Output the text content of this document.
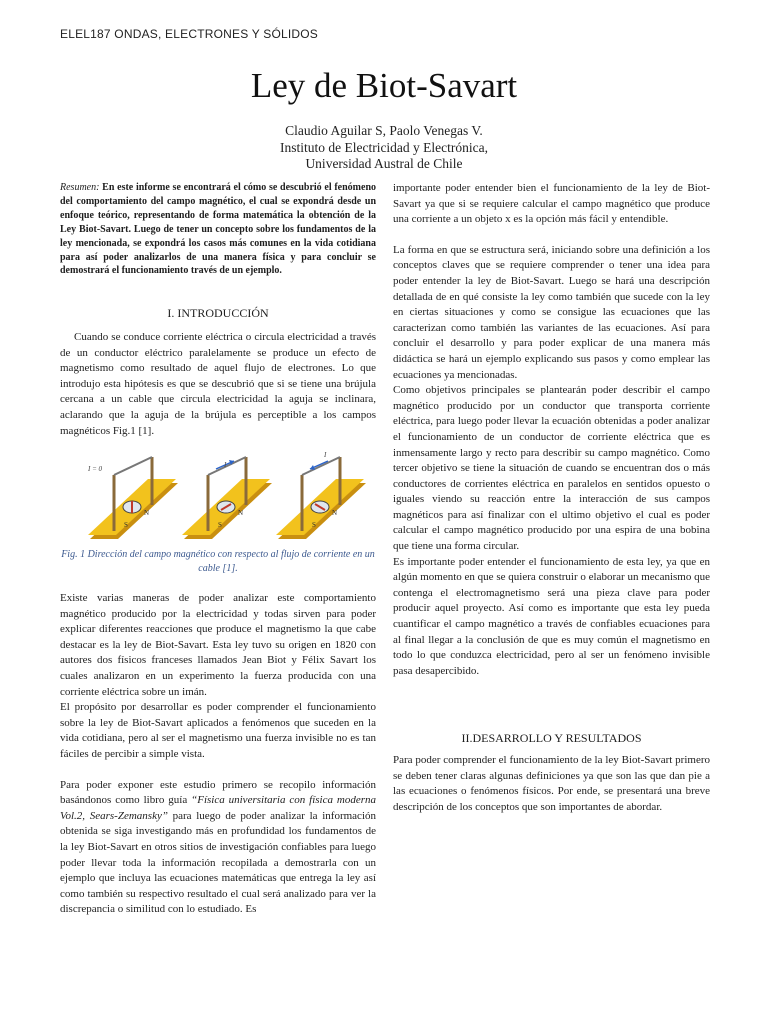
ELEL187 ONDAS, ELECTRONES Y SÓLIDOS
Ley de Biot-Savart
Claudio Aguilar S, Paolo Venegas V.
Instituto de Electricidad y Electrónica,
Universidad Austral de Chile

Resumen: En este informe se encontrará el cómo se descubrió el fenómeno del comportamiento del campo magnético, el cual se expondrá desde un enfoque teórico, representando de forma matemática la obtención de la Ley Biot-Savart. Luego de tener un concepto sobre los fundamentos de la ley mencionada, se expondrá los casos más comunes en la vida cotidiana para así poder analizarlos de una manera física y para concluir se demostrará el funcionamiento través de un ejemplo.

I. INTRODUCCIÓN

Cuando se conduce corriente eléctrica o circula electricidad a través de un conductor eléctrico paralelamente se produce un efecto de magnetismo como resultado de aquel flujo de electrones. Lo que introdujo esta hipótesis es que se descubrió que si se tiene una brújula cercana a un cable que circula electricidad la aguja se inclinara, aclarando que la aguja de la brújula es perceptible a los campos magnéticos Fig.1 [1].

I = 0
N
S
I
N
S
I
N
S

Fig. 1 Dirección del campo magnético con respecto al flujo de corriente en un cable [1].

Existe varias maneras de poder analizar este comportamiento magnético producido por la electricidad y todas sirven para poder explicar diferentes reacciones que produce el magnetismo la que cabe destacar es la ley de Biot-Savart. Esta ley tuvo su origen en 1820 con autores dos físicos franceses llamados Jean Biot y Félix Savart los cuales analizaron en un experimento la fuerza producida con una corriente eléctrica sobre un imán.

El propósito por desarrollar es poder comprender el funcionamiento sobre la ley de Biot-Savart aplicados a fenómenos que suceden en la vida cotidiana, pero al ser el magnetismo una fuerza invisible no es tan fáciles de percibir a simple vista.

Para poder exponer este estudio primero se recopilo información basándonos como libro guía “Física universitaria con física moderna Vol.2, Sears-Zemansky” para luego de poder analizar la información obtenida se siga investigando más en profundidad los fundamentos de la ley Biot-Savart en otros sitios de investigación confiables para luego poder llevar toda la información recopilada a demostrarla con un ejemplo que incluya las ecuaciones matemáticas que entrega la ley así como también su respectivo resultado el cual será analizado para ver la discrepancia o similitud con lo estudiado. Es

importante poder entender bien el funcionamiento de la ley de Biot-Savart ya que si se requiere calcular el campo magnético que produce una corriente a un objeto x es la opción más fácil y entendible.

La forma en que se estructura será, iniciando sobre una definición a los conceptos claves que se requiere comprender o tener una idea para poder entender la ley de Biot-Savart. Luego se hará una descripción detallada de en qué consiste la ley como también que sucede con la ley en ciertas situaciones y como se consigue las ecuaciones que las caracterizan como también las variantes de las ecuaciones. Así para concluir el desarrollo y para poder explicar de una manera más didáctica se hará un ejemplo explicando sus pasos y como emplear las ecuaciones ya mencionadas.

Como objetivos principales se plantearán poder describir el campo magnético producido por un conductor que transporta corriente eléctrica, para luego poder llevar la ecuación obtenidas a poder analizar el funcionamiento de un conductor de corriente eléctrica que es inmensamente largo y recto para describir su campo magnético. Como tercer objetivo se tiene la situación de cuando se encuentran dos o más conductores de corrientes eléctrica en paralelos en sentidos opuesto o iguales viendo su reacción entre la interacción de sus campos magnéticos para así finalizar con el ultimo objetivo el cual es poder calcular el campo magnético producido por una espira de una bobina que tiene una forma circular.

Es importante poder entender el funcionamiento de esta ley, ya que en algún momento en que se quiera construir o elaborar un mecanismo que contenga el electromagnetismo será una pieza clave para poder producir aquel proyecto. Así como es importante que esta ley pueda cuantificar el campo magnético a través de confiables ecuaciones para al final llegar a la conclusión de que es muy común el magnetismo en todo lo que conduzca electricidad, pero al ser un fenómeno invisible pasa desapercibido.

II.DESARROLLO Y RESULTADOS

Para poder comprender el funcionamiento de la ley Biot-Savart primero se deben tener claras algunas definiciones ya que son las que dan pie a las ecuaciones o fenómenos físicos. Por ende, se presentará una breve descripción de los conceptos que son importantes de abordar.
